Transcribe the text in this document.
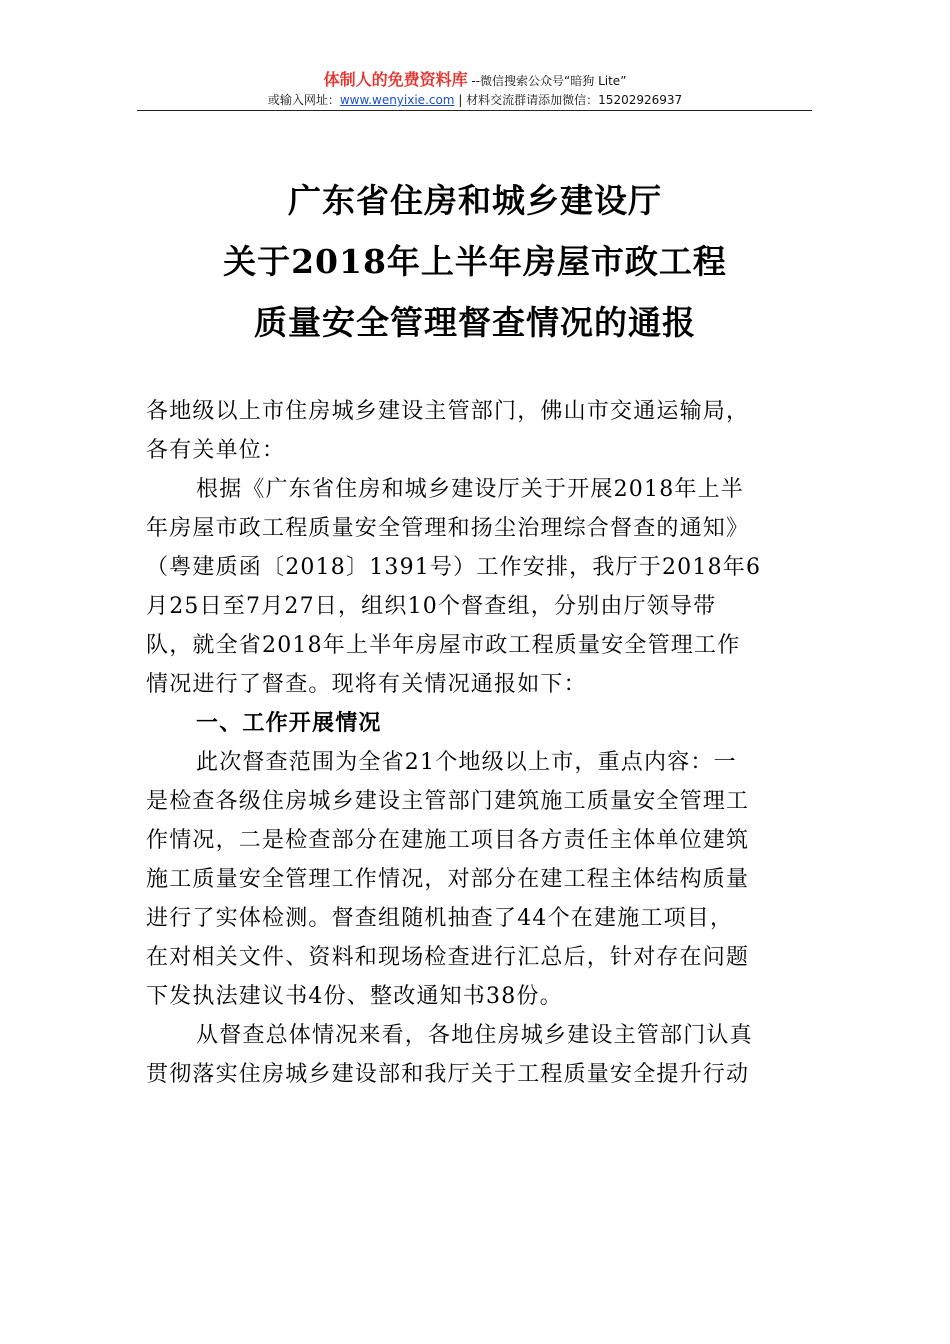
体制人的免费资料库 --微信搜索公众号“暗狗 Lite”
或输入网址：www.wenyixie.com | 材料交流群请添加微信：15202926937
广东省住房和城乡建设厅
关于2018年上半年房屋市政工程
质量安全管理督查情况的通报

各地级以上市住房城乡建设主管部门，佛山市交通运输局，

各有关单位：

根据《广东省住房和城乡建设厅关于开展2018年上半

年房屋市政工程质量安全管理和扬尘治理综合督查的通知》

（粤建质函〔2018〕1391号）工作安排，我厅于2018年6

月25日至7月27日，组织10个督查组，分别由厅领导带

队，就全省2018年上半年房屋市政工程质量安全管理工作

情况进行了督查。现将有关情况通报如下：

一、工作开展情况

此次督查范围为全省21个地级以上市，重点内容：一

是检查各级住房城乡建设主管部门建筑施工质量安全管理工

作情况，二是检查部分在建施工项目各方责任主体单位建筑

施工质量安全管理工作情况，对部分在建工程主体结构质量

进行了实体检测。督查组随机抽查了44个在建施工项目，

在对相关文件、资料和现场检查进行汇总后，针对存在问题

下发执法建议书4份、整改通知书38份。

从督查总体情况来看，各地住房城乡建设主管部门认真

贯彻落实住房城乡建设部和我厅关于工程质量安全提升行动
